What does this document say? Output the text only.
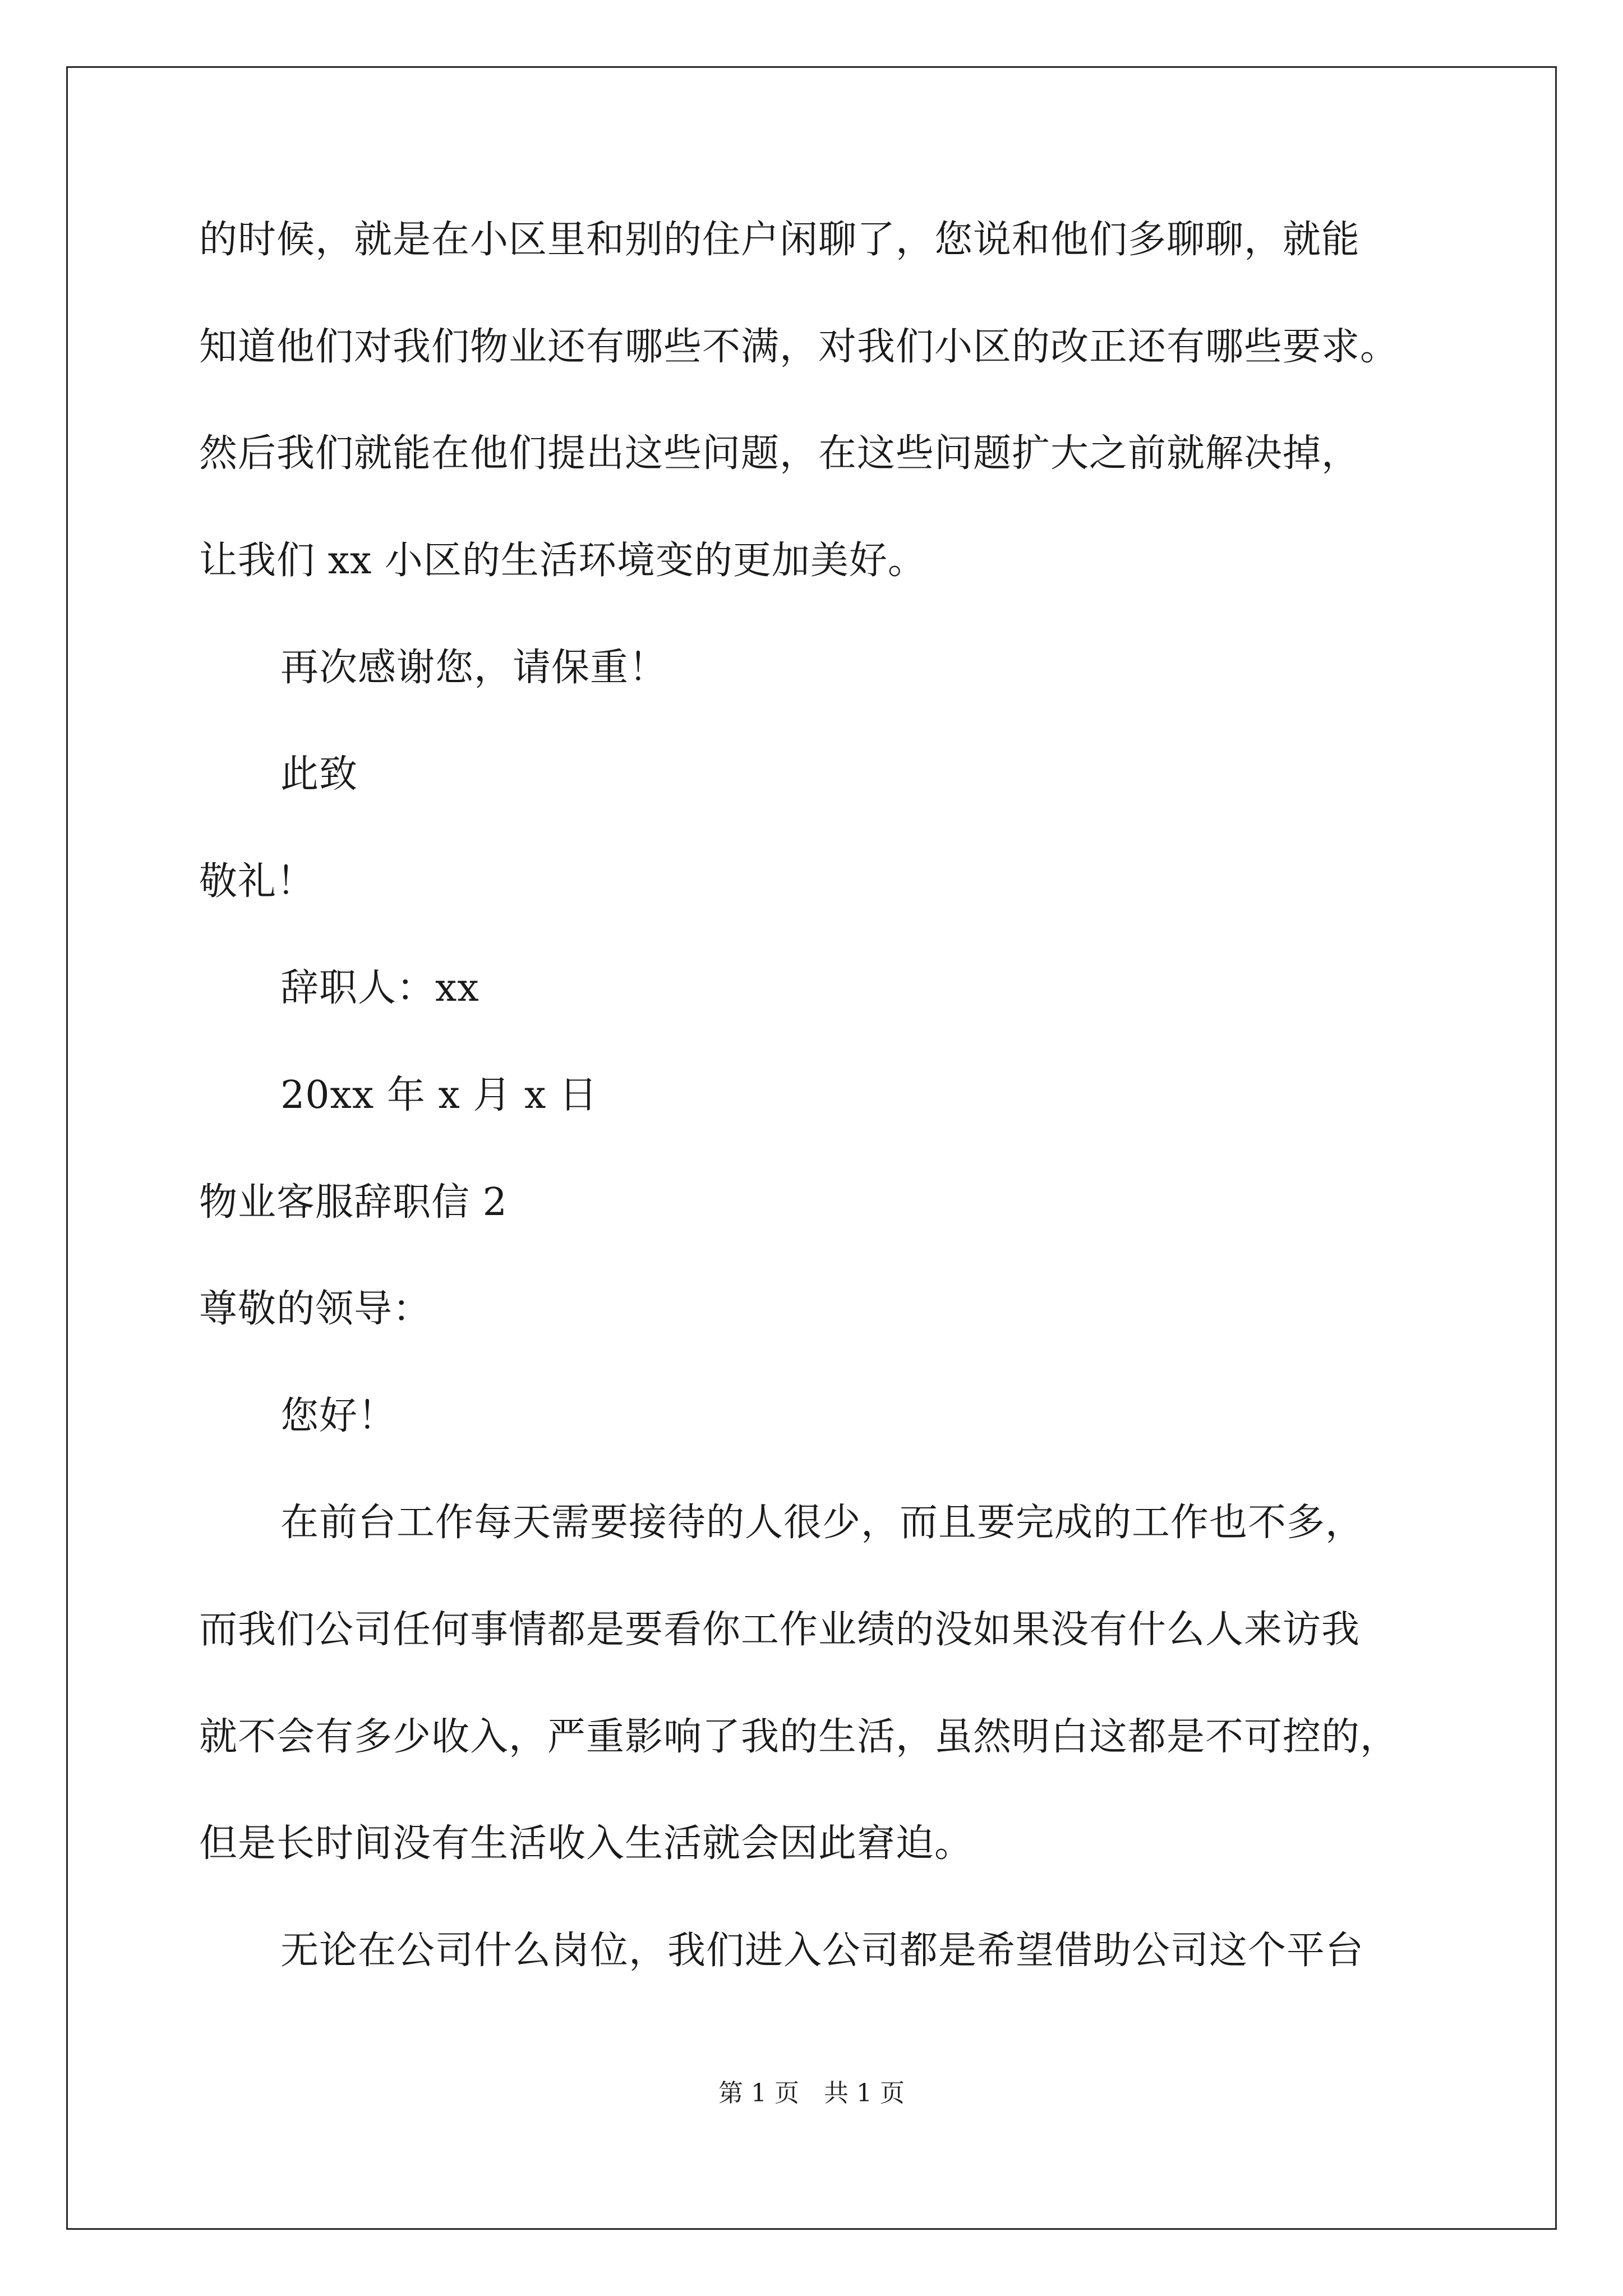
的时候，就是在小区里和别的住户闲聊了，您说和他们多聊聊，就能
知道他们对我们物业还有哪些不满，对我们小区的改正还有哪些要求。
然后我们就能在他们提出这些问题，在这些问题扩大之前就解决掉，
让我们 xx 小区的生活环境变的更加美好。
再次感谢您，请保重！
此致
敬礼！
辞职人：xx
20xx 年 x 月 x 日
物业客服辞职信 2
尊敬的领导：
您好！
在前台工作每天需要接待的人很少，而且要完成的工作也不多，
而我们公司任何事情都是要看你工作业绩的没如果没有什么人来访我
就不会有多少收入，严重影响了我的生活，虽然明白这都是不可控的，
但是长时间没有生活收入生活就会因此窘迫。
无论在公司什么岗位，我们进入公司都是希望借助公司这个平台
第 1 页　共 1 页
